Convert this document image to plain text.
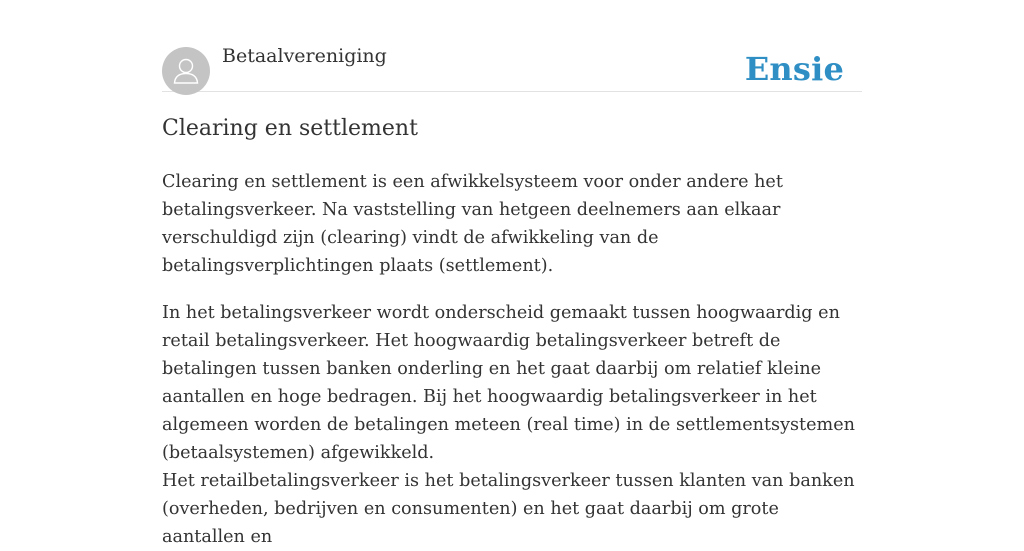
Betaalvereniging	Ensie
Clearing en settlement

Clearing en settlement is een afwikkelsysteem voor onder andere het betalingsverkeer. Na vaststelling van hetgeen deelnemers aan elkaar verschuldigd zijn (clearing) vindt de afwikkeling van de betalingsverplichtingen plaats (settlement).

In het betalingsverkeer wordt onderscheid gemaakt tussen hoogwaardig en retail betalingsverkeer. Het hoogwaardig betalingsverkeer betreft de betalingen tussen banken onderling en het gaat daarbij om relatief kleine aantallen en hoge bedragen. Bij het hoogwaardig betalingsverkeer in het algemeen worden de betalingen meteen (real time) in de settlementsystemen (betaalsystemen) afgewikkeld.

Het retailbetalingsverkeer is het betalingsverkeer tussen klanten van banken (overheden, bedrijven en consumenten) en het gaat daarbij om grote aantallen en
